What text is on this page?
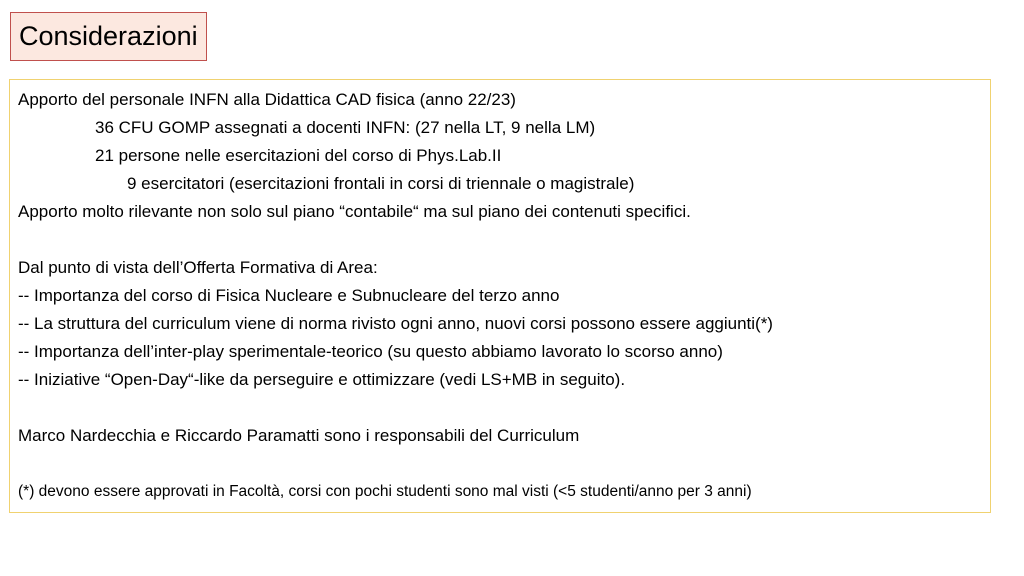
Considerazioni
Apporto del personale INFN alla Didattica CAD fisica (anno 22/23)
36 CFU GOMP assegnati a docenti INFN: (27 nella LT, 9 nella LM)
21 persone nelle esercitazioni del corso di Phys.Lab.II
9 esercitatori (esercitazioni frontali in corsi di triennale o magistrale)
Apporto molto rilevante non solo sul piano “contabile“ ma sul piano dei contenuti specifici.
Dal punto di vista dell’Offerta Formativa di Area:
-- Importanza del corso di Fisica Nucleare e Subnucleare del terzo anno
-- La struttura del curriculum viene di norma rivisto ogni anno, nuovi corsi possono essere aggiunti(*)
-- Importanza dell’inter-play sperimentale-teorico (su questo abbiamo lavorato lo scorso anno)
-- Iniziative “Open-Day“-like da perseguire e ottimizzare (vedi LS+MB in seguito).
Marco Nardecchia e Riccardo Paramatti sono i responsabili del Curriculum
(*) devono essere approvati in Facoltà, corsi con pochi studenti sono mal visti (<5 studenti/anno per 3 anni)
